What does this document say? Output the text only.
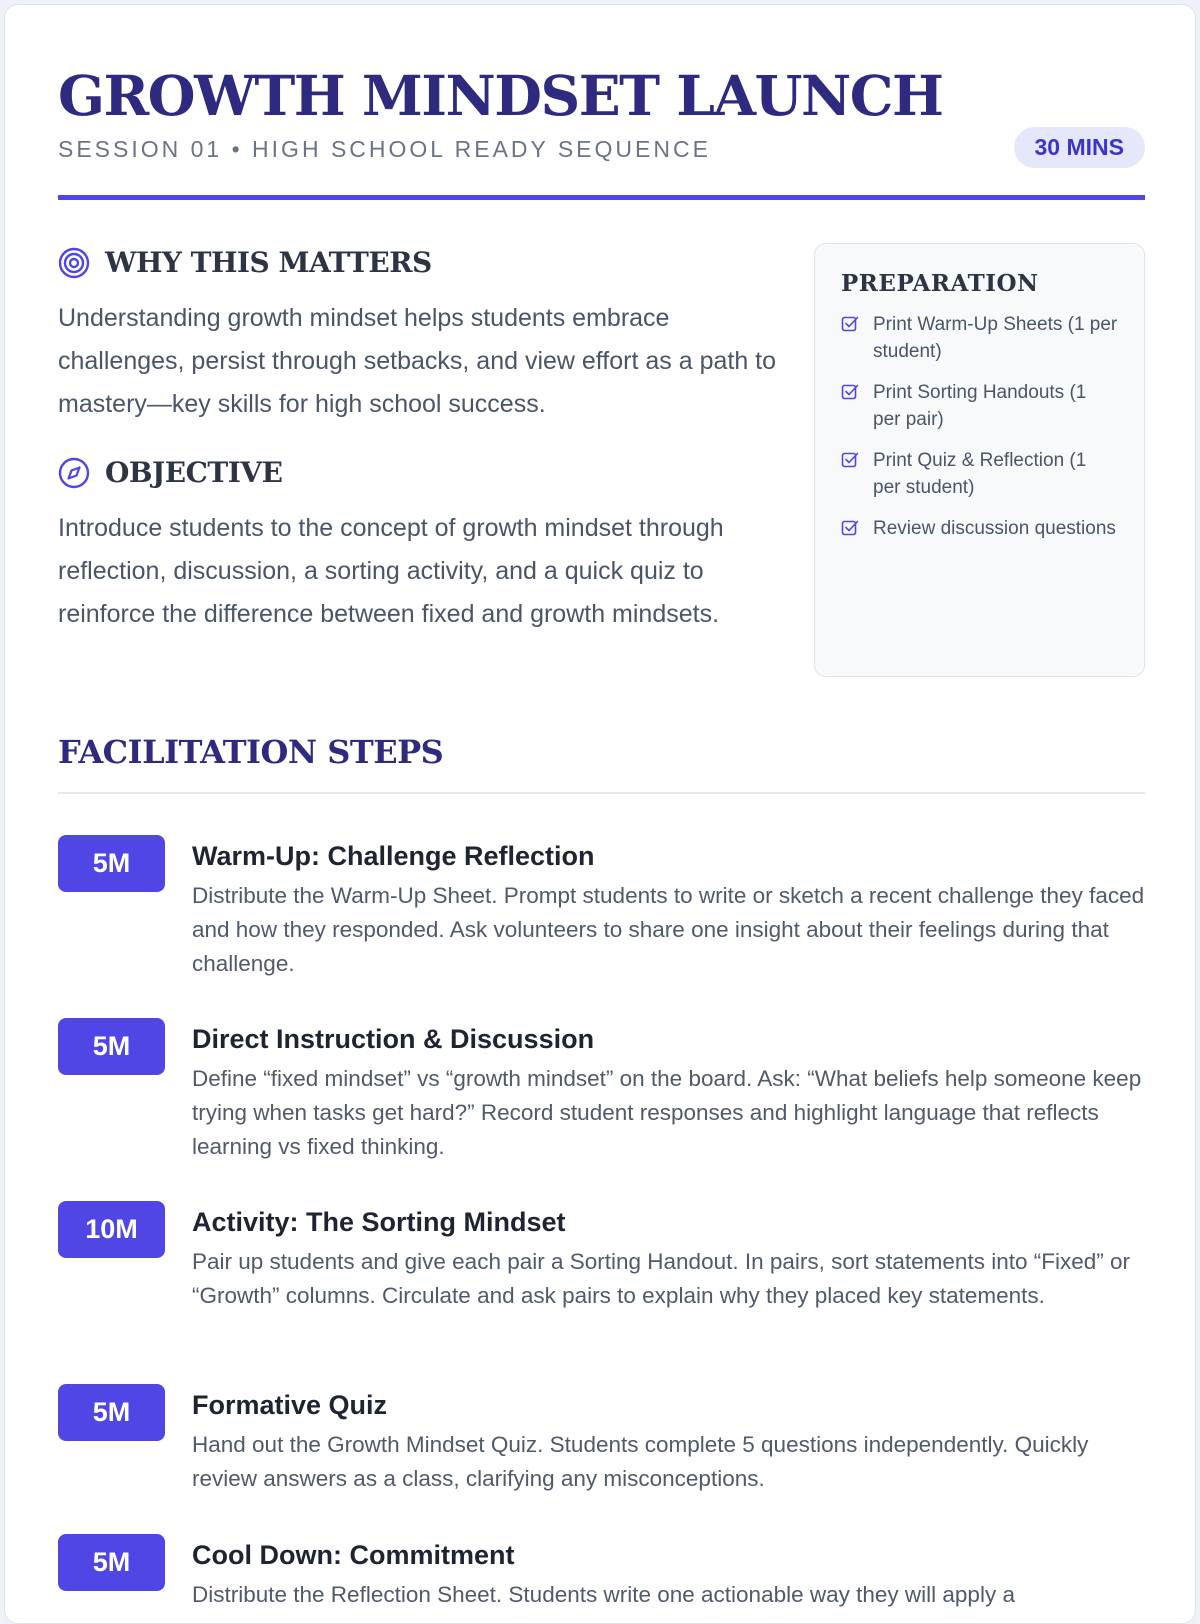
GROWTH MINDSET LAUNCH
SESSION 01 • HIGH SCHOOL READY SEQUENCE	30 MINS
WHY THIS MATTERS
Understanding growth mindset helps students embrace challenges, persist through setbacks, and view effort as a path to mastery—key skills for high school success.
OBJECTIVE
Introduce students to the concept of growth mindset through reflection, discussion, a sorting activity, and a quick quiz to reinforce the difference between fixed and growth mindsets.
PREPARATION
Print Warm-Up Sheets (1 per student)
Print Sorting Handouts (1 per pair)
Print Quiz & Reflection (1 per student)
Review discussion questions
FACILITATION STEPS
5M	Warm-Up: Challenge Reflection
Distribute the Warm-Up Sheet. Prompt students to write or sketch a recent challenge they faced and how they responded. Ask volunteers to share one insight about their feelings during that challenge.
5M	Direct Instruction & Discussion
Define “fixed mindset” vs “growth mindset” on the board. Ask: “What beliefs help someone keep trying when tasks get hard?” Record student responses and highlight language that reflects learning vs fixed thinking.
10M	Activity: The Sorting Mindset
Pair up students and give each pair a Sorting Handout. In pairs, sort statements into “Fixed” or “Growth” columns. Circulate and ask pairs to explain why they placed key statements.
5M	Formative Quiz
Hand out the Growth Mindset Quiz. Students complete 5 questions independently. Quickly review answers as a class, clarifying any misconceptions.
5M	Cool Down: Commitment
Distribute the Reflection Sheet. Students write one actionable way they will apply a
